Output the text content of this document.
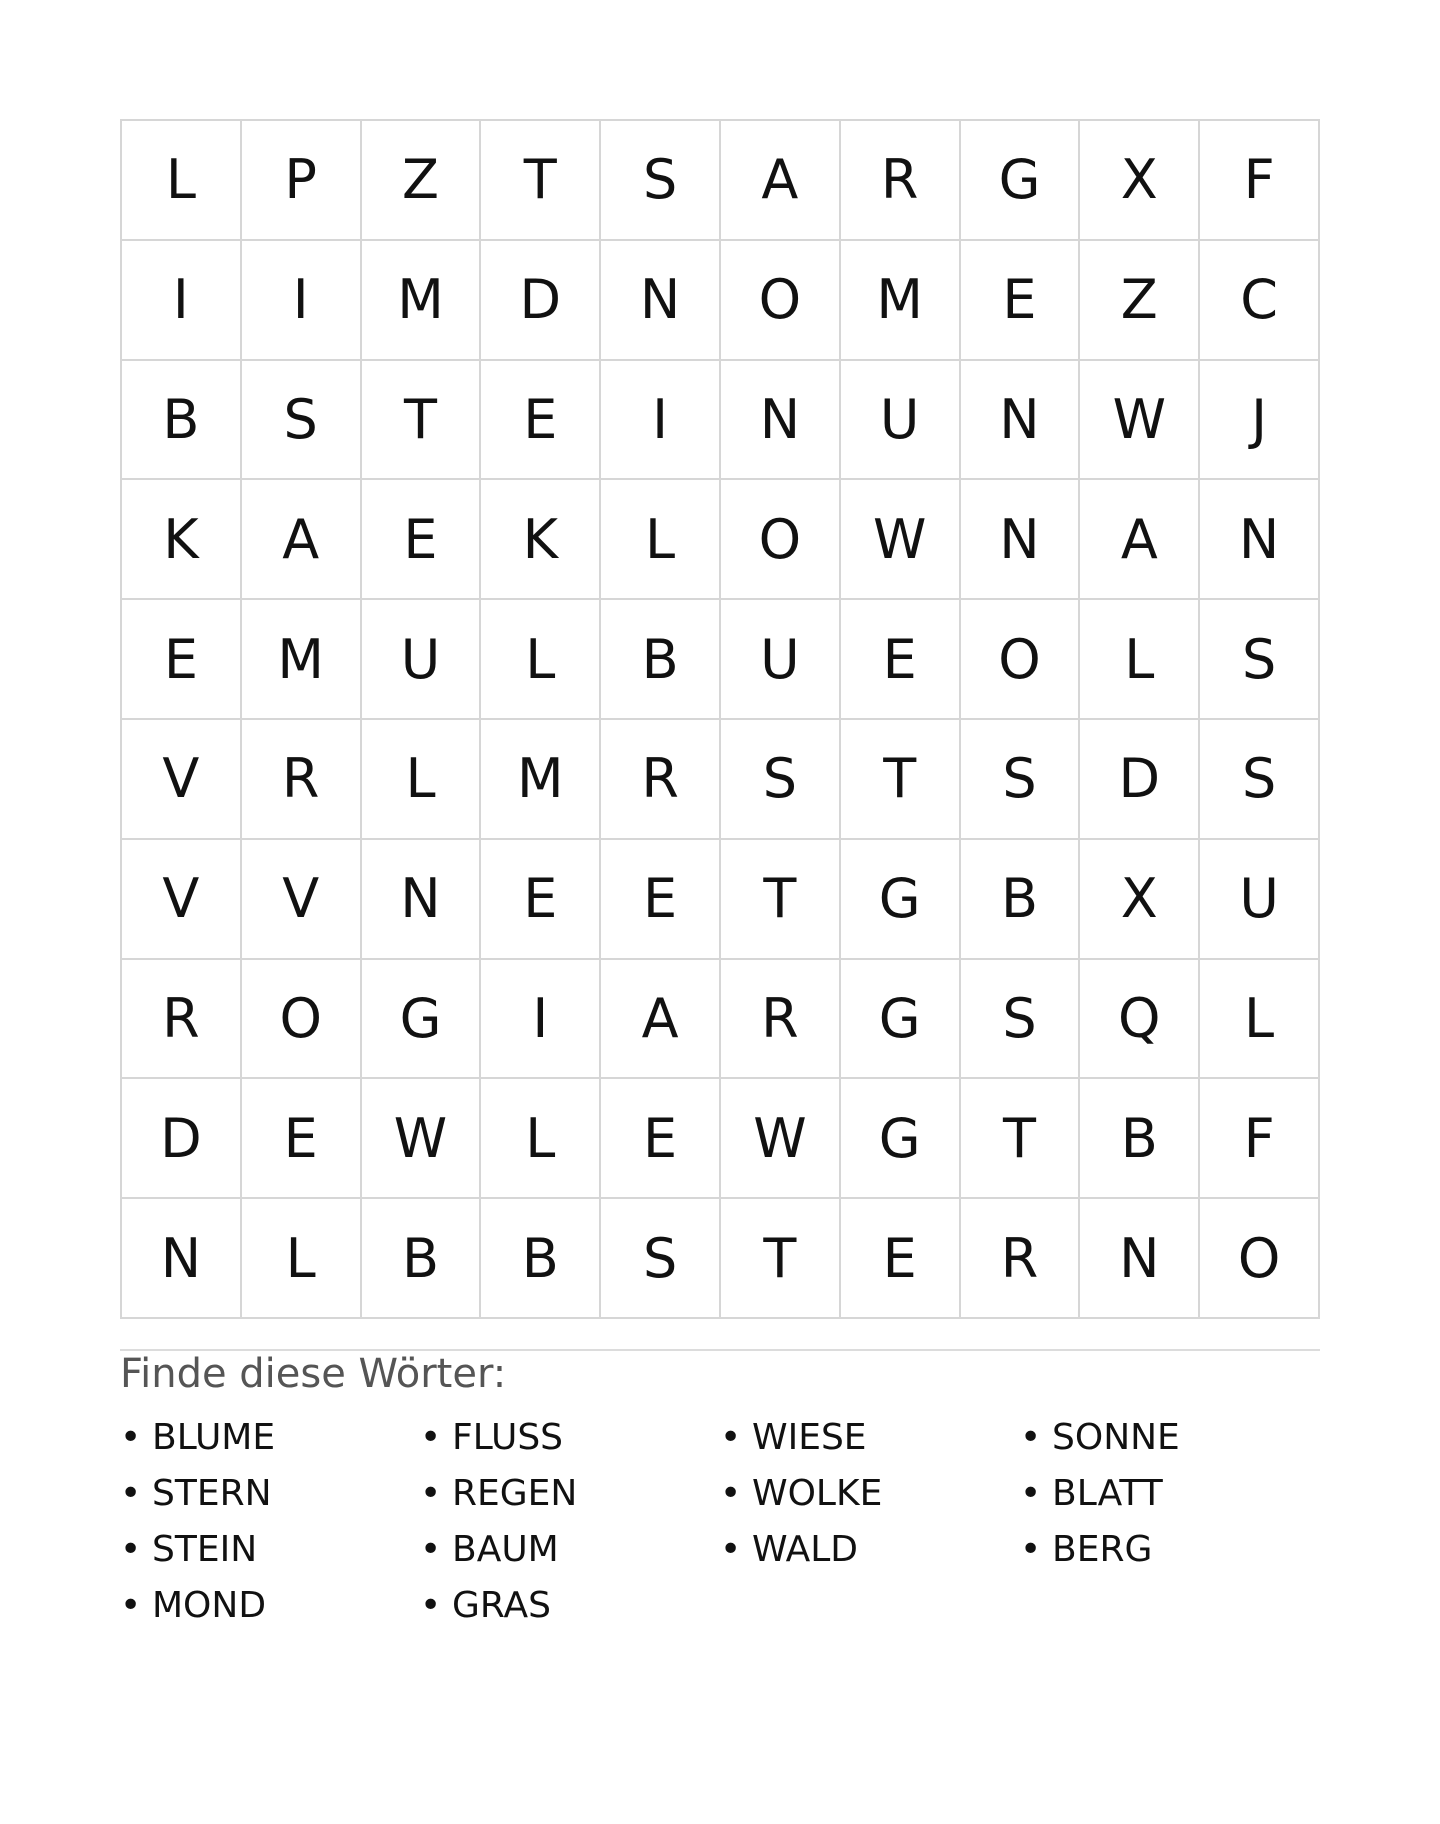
L	P	Z	T	S	A	R	G	X	F
I	I	M	D	N	O	M	E	Z	C
B	S	T	E	I	N	U	N	W	J
K	A	E	K	L	O	W	N	A	N
E	M	U	L	B	U	E	O	L	S
V	R	L	M	R	S	T	S	D	S
V	V	N	E	E	T	G	B	X	U
R	O	G	I	A	R	G	S	Q	L
D	E	W	L	E	W	G	T	B	F
N	L	B	B	S	T	E	R	N	O
Finde diese Wörter:
• BLUME
• STERN
• STEIN
• MOND
• FLUSS
• REGEN
• BAUM
• GRAS
• WIESE
• WOLKE
• WALD
• SONNE
• BLATT
• BERG
